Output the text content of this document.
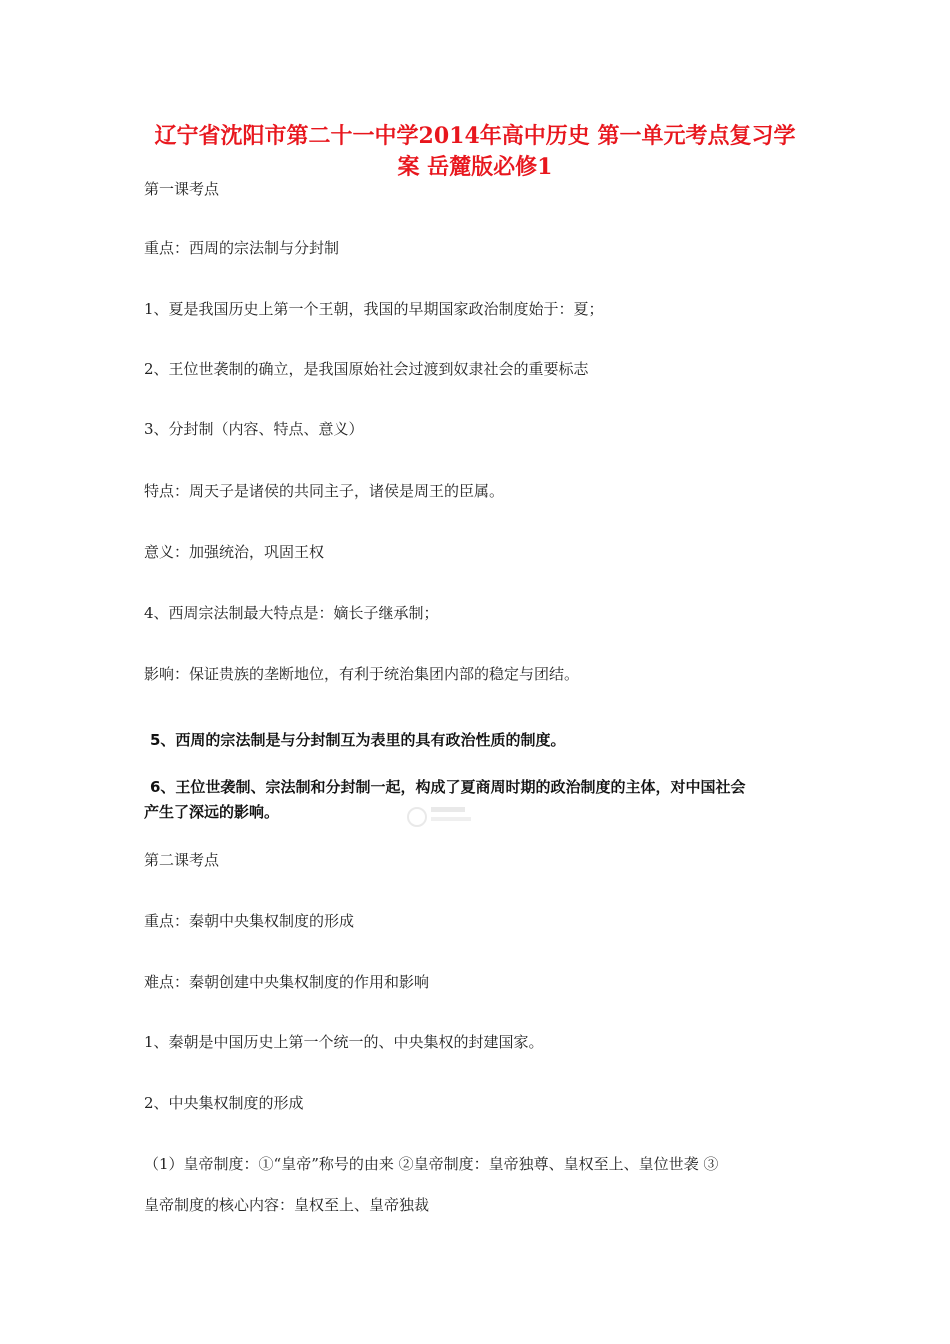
辽宁省沈阳市第二十一中学2014年高中历史 第一单元考点复习学
案 岳麓版必修1

第一课考点

重点：西周的宗法制与分封制

1、夏是我国历史上第一个王朝，我国的早期国家政治制度始于：夏；

2、王位世袭制的确立，是我国原始社会过渡到奴隶社会的重要标志

3、分封制（内容、特点、意义）

特点：周天子是诸侯的共同主子，诸侯是周王的臣属。

意义：加强统治，巩固王权

4、西周宗法制最大特点是：嫡长子继承制；

影响：保证贵族的垄断地位，有利于统治集团内部的稳定与团结。

5、西周的宗法制是与分封制互为表里的具有政治性质的制度。

6、王位世袭制、宗法制和分封制一起，构成了夏商周时期的政治制度的主体，对中国社会

产生了深远的影响。

第二课考点

重点：秦朝中央集权制度的形成

难点：秦朝创建中央集权制度的作用和影响

1、秦朝是中国历史上第一个统一的、中央集权的封建国家。

2、中央集权制度的形成

（1）皇帝制度：①“皇帝”称号的由来 ②皇帝制度：皇帝独尊、皇权至上、皇位世袭 ③

皇帝制度的核心内容：皇权至上、皇帝独裁
